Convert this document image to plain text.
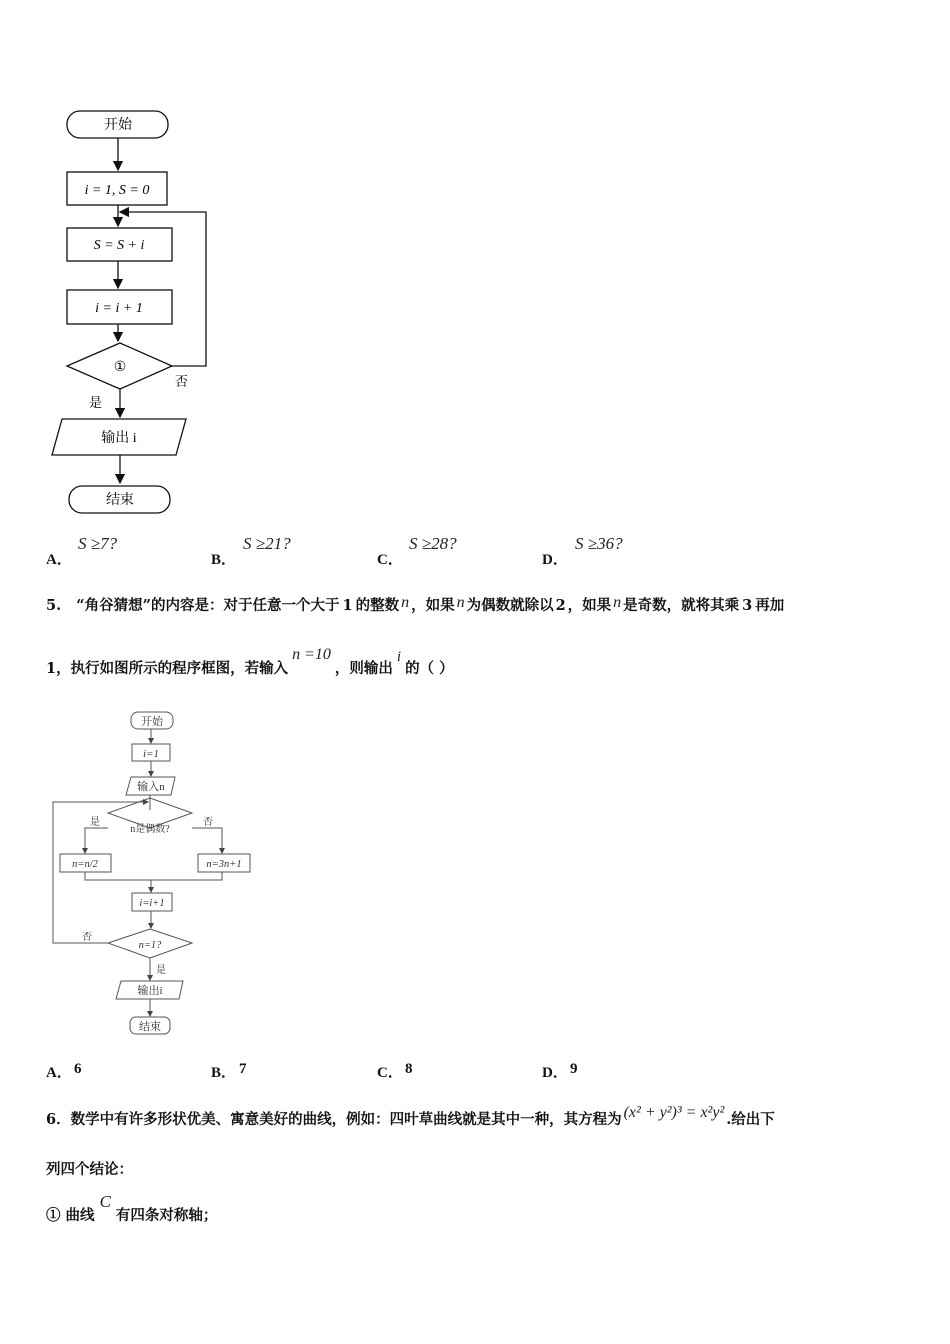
开始
i = 1, S = 0
S = S + i
i = i + 1
①
否
是
输出 i
结束
A．
S ≥7?
B．
S ≥21?
C．
S ≥28?
D．
S ≥36?
5. “角谷猜想”的内容是：对于任意一个大于 1 的整数 n ，如果 n 为偶数就除以 2 ，如果 n 是奇数，就将其乘 3 再加
1，执行如图所示的程序框图，若输入n =10，则输出i的（ ）
开始
i=1
输入n
n是偶数?
是	否
n=n/2	n=3n+1
i=i+1
n=1?
否
是
输出i
结束
A． 6	B． 7	C． 8	D． 9
6．数学中有许多形状优美、寓意美好的曲线，例如：四叶草曲线就是其中一种，其方程为 (x² + y²)³ = x²y² .给出下
列四个结论：
① 曲线C有四条对称轴；
